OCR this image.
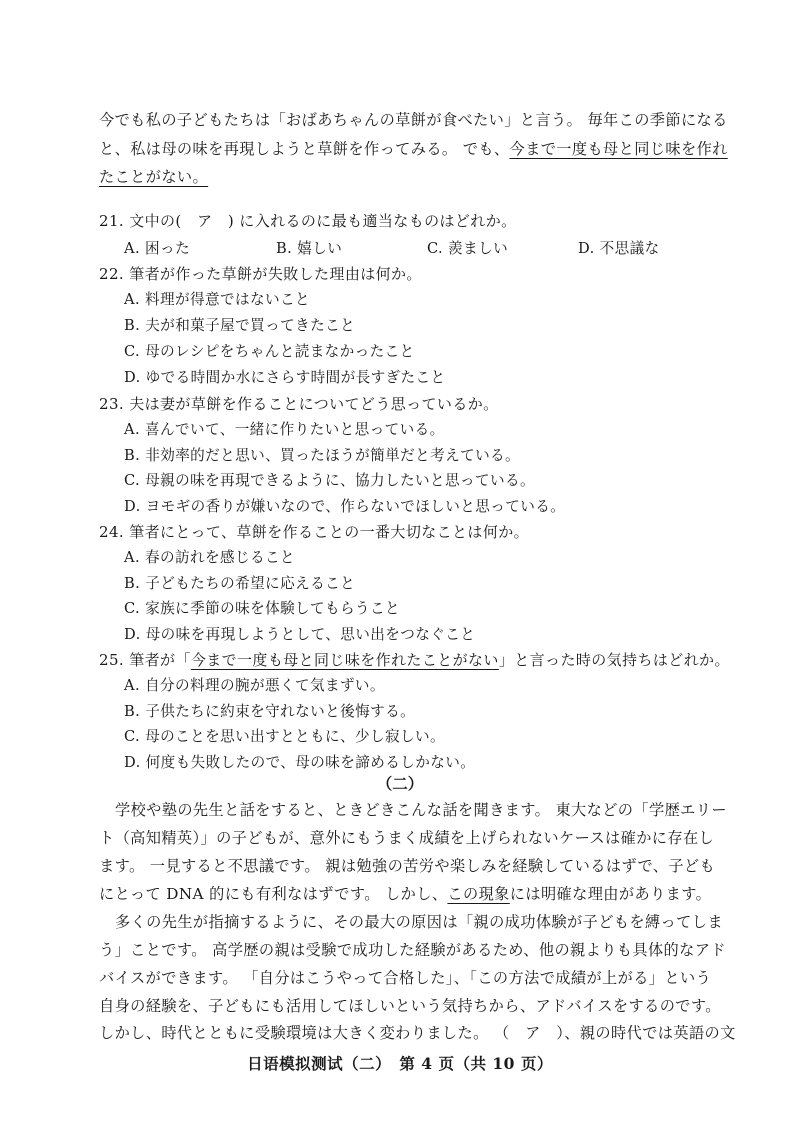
今でも私の子どもたちは「おばあちゃんの草餅が食べたい」と言う。 毎年この季節になる
と、私は母の味を再現しようと草餅を作ってみる。 でも、今まで一度も母と同じ味を作れ
たことがない。
21. 文中の(　ア　) に入れるのに最も適当なものはどれか。
A. 困った	B. 嬉しい	C. 羨ましい	D. 不思議な
22. 筆者が作った草餅が失敗した理由は何か。
A. 料理が得意ではないこと
B. 夫が和菓子屋で買ってきたこと
C. 母のレシピをちゃんと読まなかったこと
D. ゆでる時間か水にさらす時間が長すぎたこと
23. 夫は妻が草餅を作ることについてどう思っているか。
A. 喜んでいて、一緒に作りたいと思っている。
B. 非効率的だと思い、買ったほうが簡単だと考えている。
C. 母親の味を再現できるように、協力したいと思っている。
D. ヨモギの香りが嫌いなので、作らないでほしいと思っている。
24. 筆者にとって、草餅を作ることの一番大切なことは何か。
A. 春の訪れを感じること
B. 子どもたちの希望に応えること
C. 家族に季節の味を体験してもらうこと
D. 母の味を再現しようとして、思い出をつなぐこと
25. 筆者が「今まで一度も母と同じ味を作れたことがない」と言った時の気持ちはどれか。
A. 自分の料理の腕が悪くて気まずい。
B. 子供たちに約束を守れないと後悔する。
C. 母のことを思い出すとともに、少し寂しい。
D. 何度も失敗したので、母の味を諦めるしかない。
（二）
学校や塾の先生と話をすると、ときどきこんな話を聞きます。 東大などの「学歴エリー
ト（高知精英）」の子どもが、意外にもうまく成績を上げられないケースは確かに存在し
ます。 一見すると不思議です。 親は勉強の苦労や楽しみを経験しているはずで、子ども
にとって DNA 的にも有利なはずです。 しかし、この現象には明確な理由があります。
多くの先生が指摘するように、その最大の原因は「親の成功体験が子どもを縛ってしま
う」ことです。 高学歴の親は受験で成功した経験があるため、他の親よりも具体的なアド
バイスができます。 「自分はこうやって合格した」、「この方法で成績が上がる」という
自身の経験を、子どもにも活用してほしいという気持ちから、アドバイスをするのです。
しかし、時代とともに受験環境は大きく変わりました。 （　ア　）、親の時代では英語の文
日语模拟测试（二）　第 4 页（共 10 页）
